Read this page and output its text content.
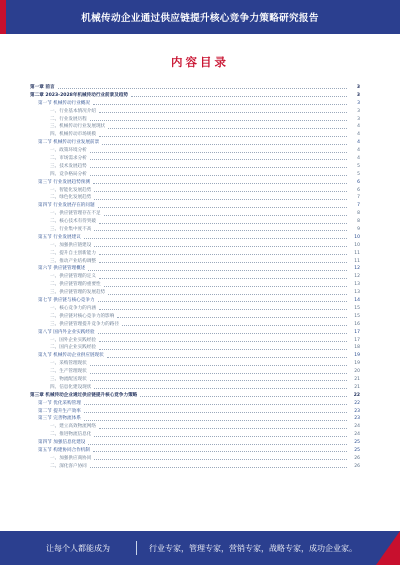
机械传动企业通过供应链提升核心竞争力策略研究报告
内容目录
第一章 前言	3
第二章 2023-2028年机械传动行业前景及趋势	3
第一节 机械传动行业概况	3
一、行业基本情况介绍	3
二、行业发展历程	3
三、机械传动行业发展现状	4
四、机械传动市场规模	4
第二节 机械传动行业发展前景	4
一、政策环境分析	4
二、市场需求分析	4
三、技术发展趋势	5
四、竞争格局分析	5
第三节 行业发展趋势预测	6
一、智能化发展趋势	6
二、绿色化发展趋势	7
第四节 行业发展存在的问题	7
一、供应链管理存在不足	8
二、核心技术有待突破	8
三、行业集中度不高	9
第五节 行业发展建议	10
一、加强供应链建设	10
二、提升自主创新能力	11
三、推动产业结构调整	11
第六节 供应链管理概述	12
一、供应链管理的定义	12
二、供应链管理的重要性	13
三、供应链管理的发展趋势	13
第七节 供应链与核心竞争力	14
一、核心竞争力的内涵	15
二、供应链对核心竞争力的影响	15
三、供应链管理提升竞争力的路径	16
第八节 国内外企业实践经验	17
一、国外企业实践经验	17
二、国内企业实践经验	18
第九节 机械传动企业供应链现状	19
一、采购管理现状	19
二、生产管理现状	20
三、物流配送现状	21
四、信息化建设现状	21
第三章 机械传动企业通过供应链提升核心竞争力策略	22
第一节 优化采购管理	22
第二节 提升生产效率	23
第三节 完善物流体系	23
一、建立高效物流网络	24
二、推进物流信息化	24
第四节 加强信息化建设	25
第五节 构建协同合作机制	25
一、加强供应商协同	26
二、深化客户协同	26
让每个人都能成为	行业专家，管理专家，营销专家，战略专家，成功企业家。
